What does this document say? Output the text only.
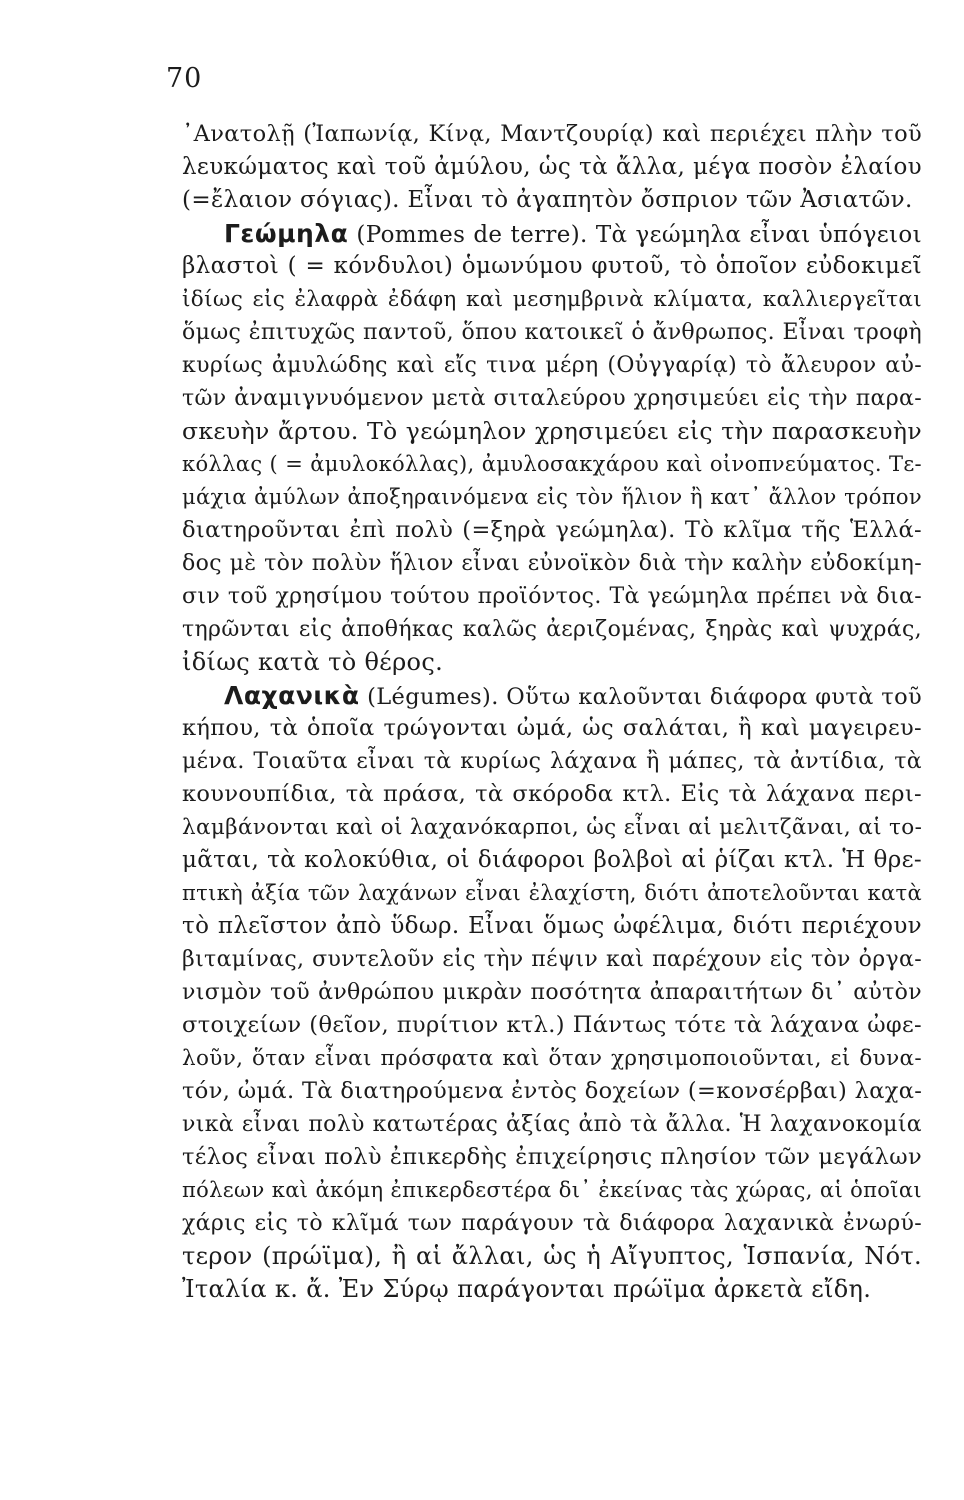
70
᾿Ανατολῇ (Ἰαπωνίᾳ, Κίνᾳ, Μαντζουρίᾳ) καὶ περιέχει πλὴν τοῦ
λευκώματος καὶ τοῦ ἀμύλου, ὡς τὰ ἄλλα, μέγα ποσὸν ἐλαίου
(=ἔλαιον σόγιας). Εἶναι τὸ ἀγαπητὸν ὄσπριον τῶν Ἀσιατῶν.
Γεώμηλα (Pommes de terre). Τὰ γεώμηλα εἶναι ὑπόγειοι
βλαστοὶ ( = κόνδυλοι) ὁμωνύμου φυτοῦ, τὸ ὁποῖον εὐδοκιμεῖ
ἰδίως εἰς ἐλαφρὰ ἐδάφη καὶ μεσημβρινὰ κλίματα, καλλιεργεῖται
ὅμως ἐπιτυχῶς παντοῦ, ὅπου κατοικεῖ ὁ ἄνθρωπος. Εἶναι τροφὴ
κυρίως ἀμυλώδης καὶ εἴς τινα μέρη (Οὐγγαρίᾳ) τὸ ἄλευρον αὐ-
τῶν ἀναμιγνυόμενον μετὰ σιταλεύρου χρησιμεύει εἰς τὴν παρα-
σκευὴν ἄρτου. Τὸ γεώμηλον χρησιμεύει εἰς τὴν παρασκευὴν
κόλλας ( = ἀμυλοκόλλας), ἀμυλοσακχάρου καὶ οἰνοπνεύματος. Τε-
μάχια ἀμύλων ἀποξηραινόμενα εἰς τὸν ἥλιον ἢ κατ᾿ ἄλλον τρόπον
διατηροῦνται ἐπὶ πολὺ (=ξηρὰ γεώμηλα). Τὸ κλῖμα τῆς Ἑλλά-
δος μὲ τὸν πολὺν ἥλιον εἶναι εὐνοϊκὸν διὰ τὴν καλὴν εὐδοκίμη-
σιν τοῦ χρησίμου τούτου προϊόντος. Τὰ γεώμηλα πρέπει νὰ δια-
τηρῶνται εἰς ἀποθήκας καλῶς ἀεριζομένας, ξηρὰς καὶ ψυχράς,
ἰδίως κατὰ τὸ θέρος.
Λαχανικὰ (Légumes). Οὕτω καλοῦνται διάφορα φυτὰ τοῦ
κήπου, τὰ ὁποῖα τρώγονται ὠμά, ὡς σαλάται, ἢ καὶ μαγειρευ-
μένα. Τοιαῦτα εἶναι τὰ κυρίως λάχανα ἢ μάπες, τὰ ἀντίδια, τὰ
κουνουπίδια, τὰ πράσα, τὰ σκόροδα κτλ. Εἰς τὰ λάχανα περι-
λαμβάνονται καὶ οἱ λαχανόκαρποι, ὡς εἶναι αἱ μελιτζᾶναι, αἱ το-
μᾶται, τὰ κολοκύθια, οἱ διάφοροι βολβοὶ αἱ ῥίζαι κτλ. Ἡ θρε-
πτικὴ ἀξία τῶν λαχάνων εἶναι ἐλαχίστη, διότι ἀποτελοῦνται κατὰ
τὸ πλεῖστον ἀπὸ ὕδωρ. Εἶναι ὅμως ὠφέλιμα, διότι περιέχουν
βιταμίνας, συντελοῦν εἰς τὴν πέψιν καὶ παρέχουν εἰς τὸν ὀργα-
νισμὸν τοῦ ἀνθρώπου μικρὰν ποσότητα ἀπαραιτήτων δι᾿ αὐτὸν
στοιχείων (θεῖον, πυρίτιον κτλ.) Πάντως τότε τὰ λάχανα ὠφε-
λοῦν, ὅταν εἶναι πρόσφατα καὶ ὅταν χρησιμοποιοῦνται, εἰ δυνα-
τόν, ὠμά. Τὰ διατηρούμενα ἐντὸς δοχείων (=κονσέρβαι) λαχα-
νικὰ εἶναι πολὺ κατωτέρας ἀξίας ἀπὸ τὰ ἄλλα. Ἡ λαχανοκομία
τέλος εἶναι πολὺ ἐπικερδὴς ἐπιχείρησις πλησίον τῶν μεγάλων
πόλεων καὶ ἀκόμη ἐπικερδεστέρα δι᾿ ἐκείνας τὰς χώρας, αἱ ὁποῖαι
χάρις εἰς τὸ κλῖμά των παράγουν τὰ διάφορα λαχανικὰ ἐνωρύ-
τερον (πρώϊμα), ἢ αἱ ἄλλαι, ὡς ἡ Αἴγυπτος, Ἱσπανία, Νότ.
Ἰταλία κ. ἄ. Ἐν Σύρῳ παράγονται πρώϊμα ἀρκετὰ εἴδη.
